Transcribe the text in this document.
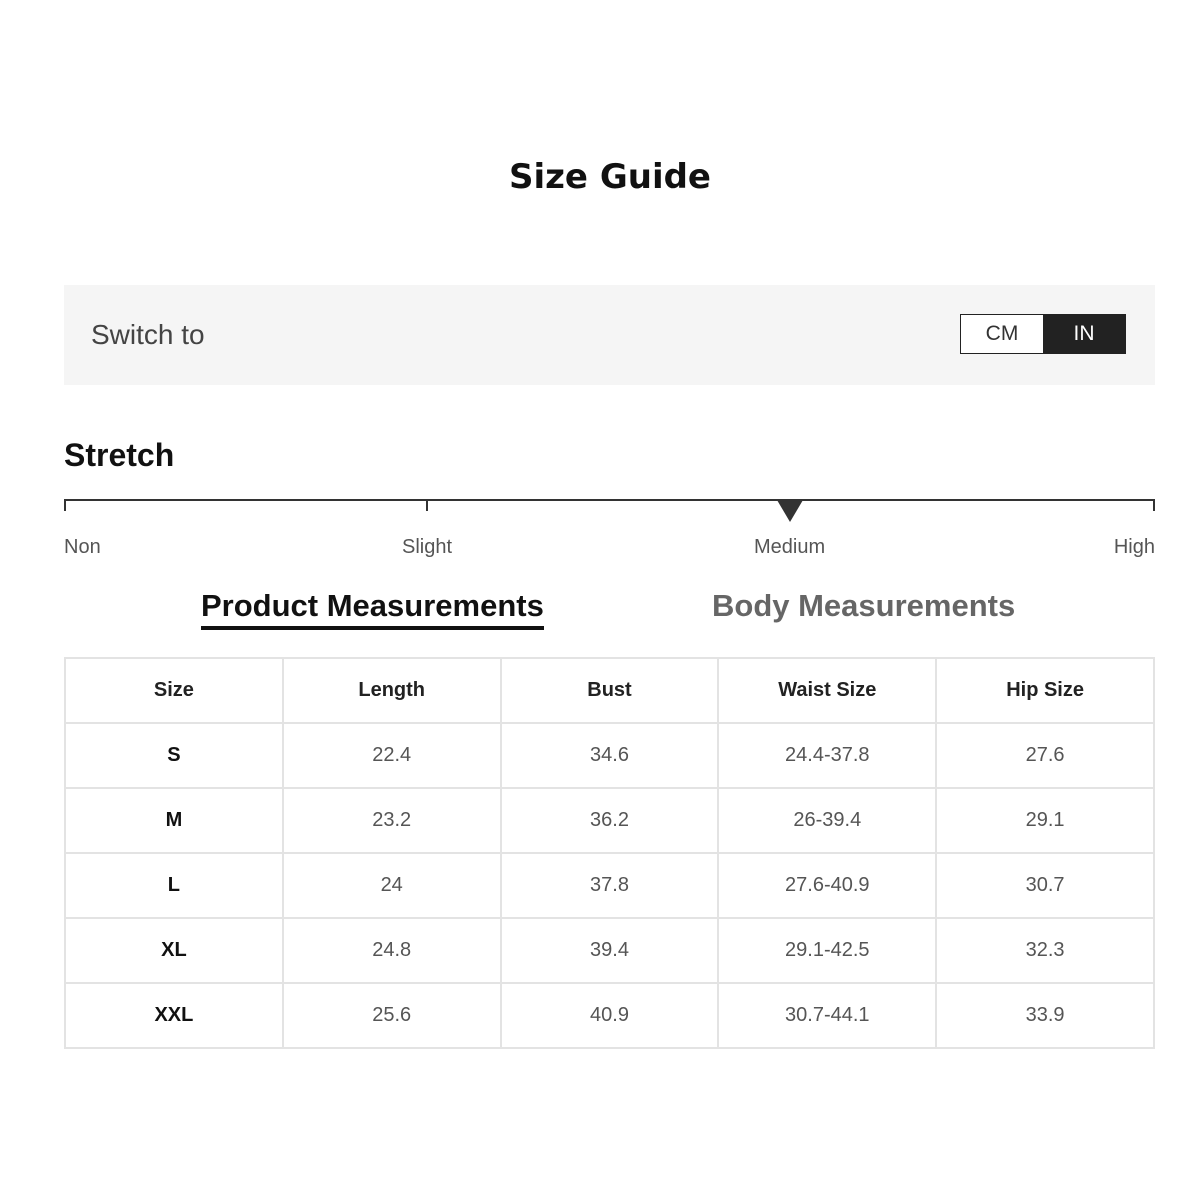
Size Guide
Switch to	CM	IN
Stretch
Non	Slight	Medium	High
Product Measurements	Body Measurements
Size	Length	Bust	Waist Size	Hip Size
S	22.4	34.6	24.4-37.8	27.6
M	23.2	36.2	26-39.4	29.1
L	24	37.8	27.6-40.9	30.7
XL	24.8	39.4	29.1-42.5	32.3
XXL	25.6	40.9	30.7-44.1	33.9
